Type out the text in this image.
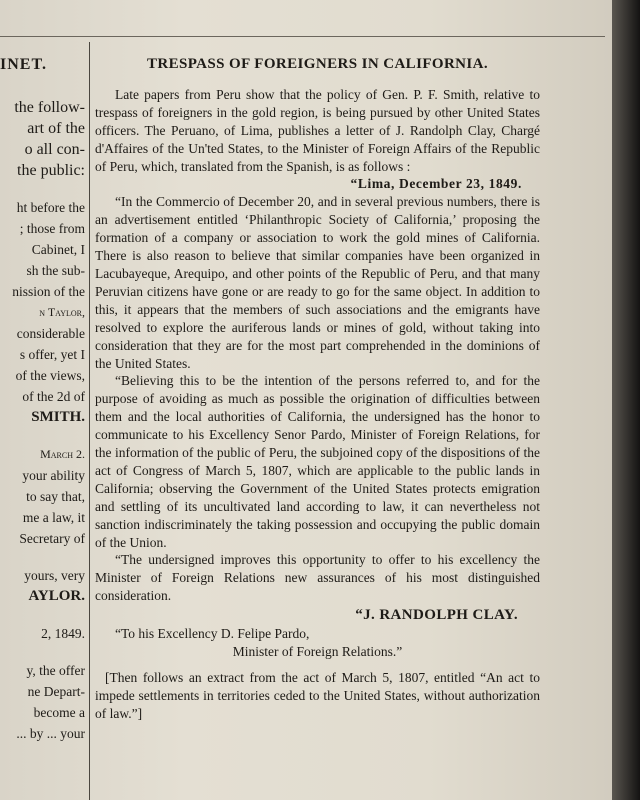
INET.
the follow-
art of the
o all con-
the public:
ht before the
; those from
Cabinet, I
sh the sub-
nission of the
n Taylor,
considerable
s offer, yet I
of the views,
of the 2d of
SMITH.
March 2.
your ability
to say that,
me a law, it
Secretary of
yours, very
AYLOR.
2, 1849.
y, the offer
ne Depart-
become a
... by ... your
TRESPASS OF FOREIGNERS IN CALIFORNIA.

Late papers from Peru show that the policy of Gen. P. F. Smith, relative to trespass of foreigners in the gold region, is being pursued by other United States officers. The Peruano, of Lima, publishes a letter of J. Randolph Clay, Chargé d'Affaires of the Un'ted States, to the Minister of Foreign Affairs of the Republic of Peru, which, translated from the Spanish, is as follows :

“Lima, December 23, 1849.

“In the Commercio of December 20, and in several previous numbers, there is an advertisement entitled ‘Philanthropic Society of California,’ proposing the formation of a company or association to work the gold mines of California. There is also reason to believe that similar companies have been organized in Lacubayeque, Arequipo, and other points of the Republic of Peru, and that many Peruvian citizens have gone or are ready to go for the same object. In addition to this, it appears that the members of such associations and the emigrants have resolved to explore the auriferous lands or mines of gold, without taking into consideration that they are for the most part comprehended in the dominions of the United States.

“Believing this to be the intention of the persons referred to, and for the purpose of avoiding as much as possible the origination of difficulties between them and the local authorities of California, the undersigned has the honor to communicate to his Excellency Senor Pardo, Minister of Foreign Relations, for the information of the public of Peru, the subjoined copy of the dispositions of the act of Congress of March 5, 1807, which are applicable to the public lands in California; observing the Government of the United States protects emigration and settling of its uncultivated land according to law, it can nevertheless not sanction indiscriminately the taking possession and occupying the public domain of the Union.

“The undersigned improves this opportunity to offer to his excellency the Minister of Foreign Relations new assurances of his most distinguished consideration.

“J. RANDOLPH CLAY.
“To his Excellency D. Felipe Pardo,
Minister of Foreign Relations.”

[Then follows an extract from the act of March 5, 1807, entitled “An act to impede settlements in territories ceded to the United States, without authorization of law.”]
